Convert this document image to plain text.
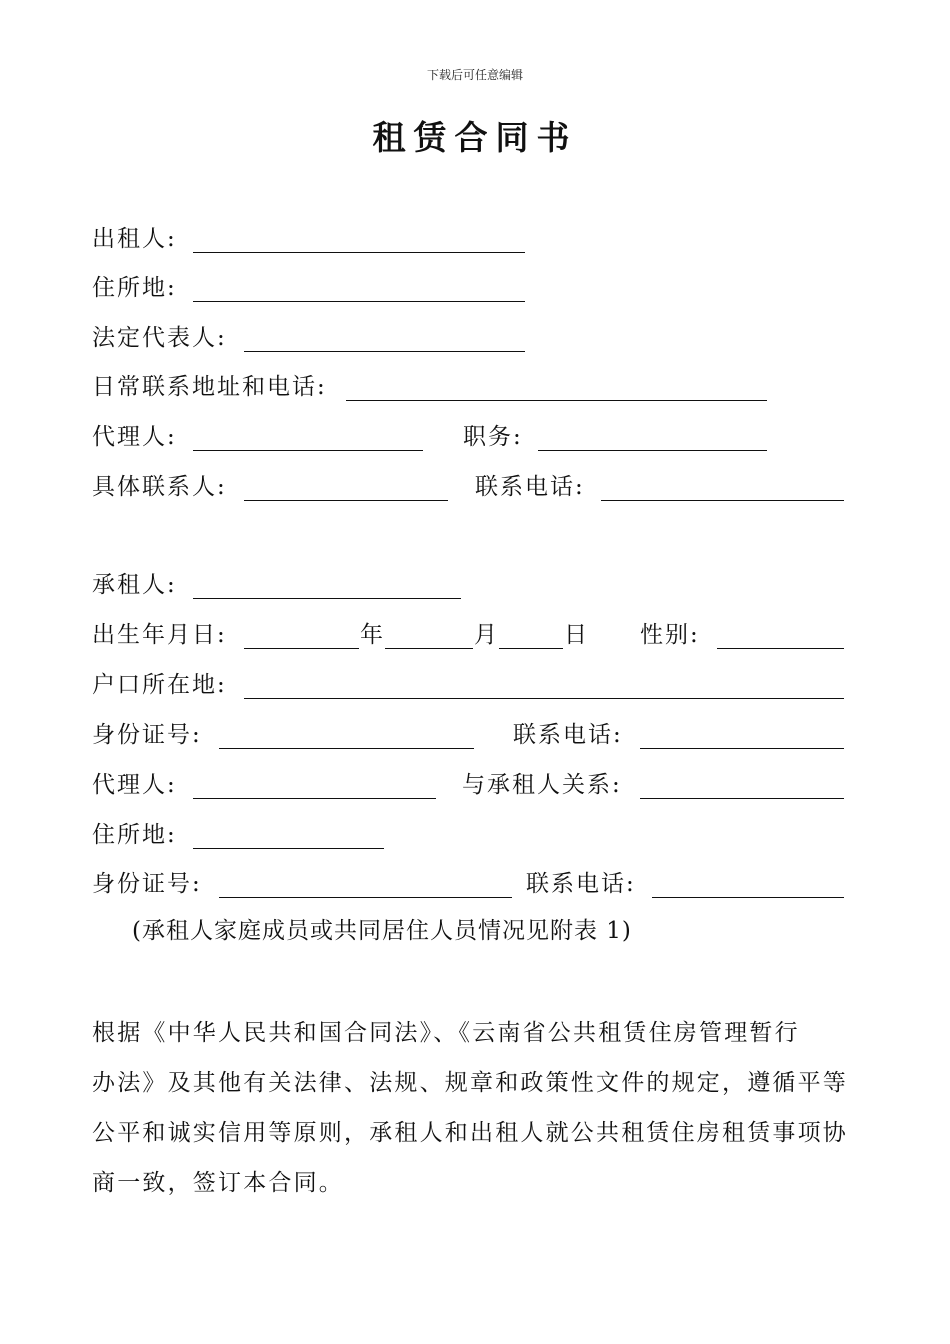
下载后可任意编辑
租赁合同书
出租人:
住所地:
法定代表人:
日常联系地址和电话:
代理人:	职务:
具体联系人:	联系电话:
承租人:
出生年月日:	年	月	日 性别:
户口所在地:
身份证号:	联系电话:
代理人:	与承租人关系:
住所地:
身份证号:	联系电话:
(承租人家庭成员或共同居住人员情况见附表 1)
根据《中华人民共和国合同法》、《云南省公共租赁住房管理暂行
办法》及其他有关法律、法规、规章和政策性文件的规定，遵循平等
公平和诚实信用等原则，承租人和出租人就公共租赁住房租赁事项协
商一致，签订本合同。
